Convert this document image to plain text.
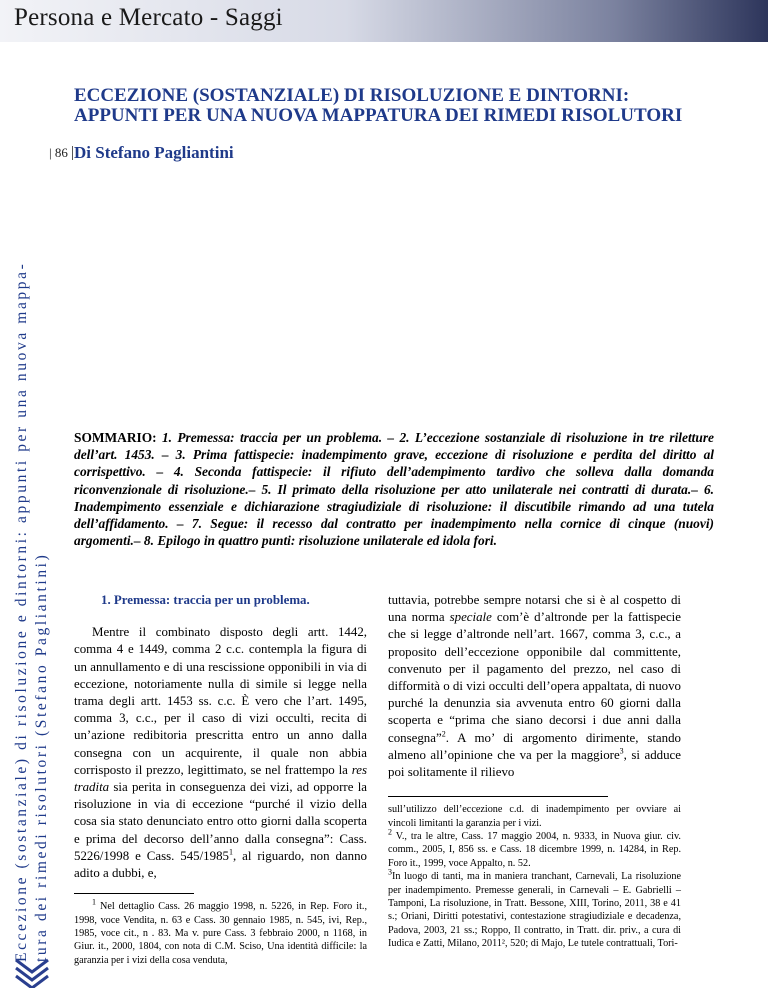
Persona e Mercato - Saggi
Eccezione (sostanziale) di risoluzione e dintorni: appunti per una nuova mappa- tura dei rimedi risolutori (Stefano Pagliantini)
| 86
ECCEZIONE (SOSTANZIALE) DI RISOLUZIONE E DINTORNI: APPUNTI PER UNA NUOVA MAPPATURA DEI RIMEDI RISOLUTORI
Di Stefano Pagliantini

SOMMARIO: 1. Premessa: traccia per un problema. – 2. L’eccezione sostanziale di risoluzione in tre riletture dell’art. 1453. – 3. Prima fattispecie: inadempimento grave, eccezione di risoluzione e perdita del diritto al corrispettivo. – 4. Seconda fattispecie: il rifiuto dell’adempimento tardivo che solleva dalla domanda riconvenzionale di risoluzione.– 5. Il primato della risoluzione per atto unilaterale nei contratti di durata.– 6. Inadempimento essenziale e dichiarazione stragiudiziale di risoluzione: il discutibile rimando ad una tutela dell’affidamento. – 7. Segue: il recesso dal contratto per inadempimento nella cornice di cinque (nuovi) argomenti.– 8. Epilogo in quattro punti: risoluzione unilaterale ed idola fori.

1. Premessa: traccia per un problema.

Mentre il combinato disposto degli artt. 1442, comma 4 e 1449, comma 2 c.c. contempla la figura di un annullamento e di una rescissione opponibili in via di eccezione, notoriamente nulla di simile si legge nella trama degli artt. 1453 ss. c.c. È vero che l’art. 1495, comma 3, c.c., per il caso di vizi occulti, recita di un’azione redibitoria prescritta entro un anno dalla consegna con un acquirente, il quale non abbia corrisposto il prezzo, legittimato, se nel frattempo la res tradita sia perita in conseguenza dei vizi, ad opporre la risoluzione in via di eccezione “purché il vizio della cosa sia stato denunciato entro otto giorni dalla scoperta e prima del decorso dell’anno dalla consegna”: Cass. 5226/1998 e Cass. 545/1985$^1$, al riguardo, non danno adito a dubbi, e,

$^1$ Nel dettaglio Cass. 26 maggio 1998, n. 5226, in Rep. Foro it., 1998, voce Vendita, n. 63 e Cass. 30 gennaio 1985, n. 545, ivi, Rep., 1985, voce cit., n . 83. Ma v. pure Cass. 3 febbraio 2000, n 1168, in Giur. it., 2000, 1804, con nota di C.M. Sciso, Una identità difficile: la garanzia per i vizi della cosa venduta,

tuttavia, potrebbe sempre notarsi che si è al cospetto di una norma speciale com’è d’altronde per la fattispecie che si legge d’altronde nell’art. 1667, comma 3, c.c., a proposito dell’eccezione opponibile dal committente, convenuto per il pagamento del prezzo, nel caso di difformità o di vizi occulti dell’opera appaltata, di nuovo purché la denunzia sia avvenuta entro 60 giorni dalla scoperta e “prima che siano decorsi i due anni dalla consegna”$^2$. A mo’ di argomento dirimente, stando almeno all’opinione che va per la maggiore$^3$, si adduce poi solitamente il rilievo

sull’utilizzo dell’eccezione c.d. di inadempimento per ovviare ai vincoli limitanti la garanzia per i vizi.

$^2$ V., tra le altre, Cass. 17 maggio 2004, n. 9333, in Nuova giur. civ. comm., 2005, I, 856 ss. e Cass. 18 dicembre 1999, n. 14284, in Rep. Foro it., 1999, voce Appalto, n. 52.

$^3$In luogo di tanti, ma in maniera tranchant, Carnevali, La risoluzione per inadempimento. Premesse generali, in Carnevali – E. Gabrielli – Tamponi, La risoluzione, in Tratt. Bessone, XIII, Torino, 2011, 38 e 41 s.; Oriani, Diritti potestativi, contestazione stragiudiziale e decadenza, Padova, 2003, 21 ss.; Roppo, Il contratto, in Tratt. dir. priv., a cura di Iudica e Zatti, Milano, 2011², 520; di Majo, Le tutele contrattuali, Tori-
